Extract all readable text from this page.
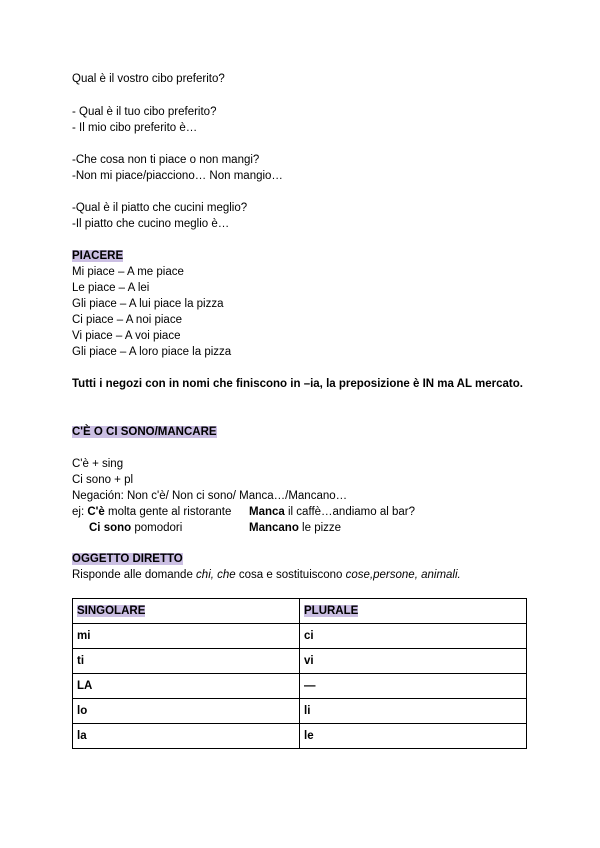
Qual è il vostro cibo preferito?
- Qual è il tuo cibo preferito?
- Il mio cibo preferito è…
-Che cosa non ti piace o non mangi?
-Non mi piace/piacciono… Non mangio…
-Qual è il piatto che cucini meglio?
-Il piatto che cucino meglio è…
PIACERE
Mi piace – A me piace
Le piace – A lei
Gli piace – A lui piace la pizza
Ci piace – A noi piace
Vi piace – A voi piace
Gli piace – A loro piace la pizza
Tutti i negozi con in nomi che finiscono in –ia, la preposizione è IN ma AL mercato.
C'È O CI SONO/MANCARE
C'è + sing
Ci sono + pl
Negación: Non c'è/ Non ci sono/ Manca…/Mancano…
ej: C'è molta gente al ristorante Manca il caffè…andiamo al bar?
Ci sono pomodori	Mancano le pizze
OGGETTO DIRETTO
Risponde alle domande chi, che cosa e sostituiscono cose,persone, animali.
SINGOLARE	PLURALE
mi	ci
ti	vi
LA	—
lo	li
la	le
